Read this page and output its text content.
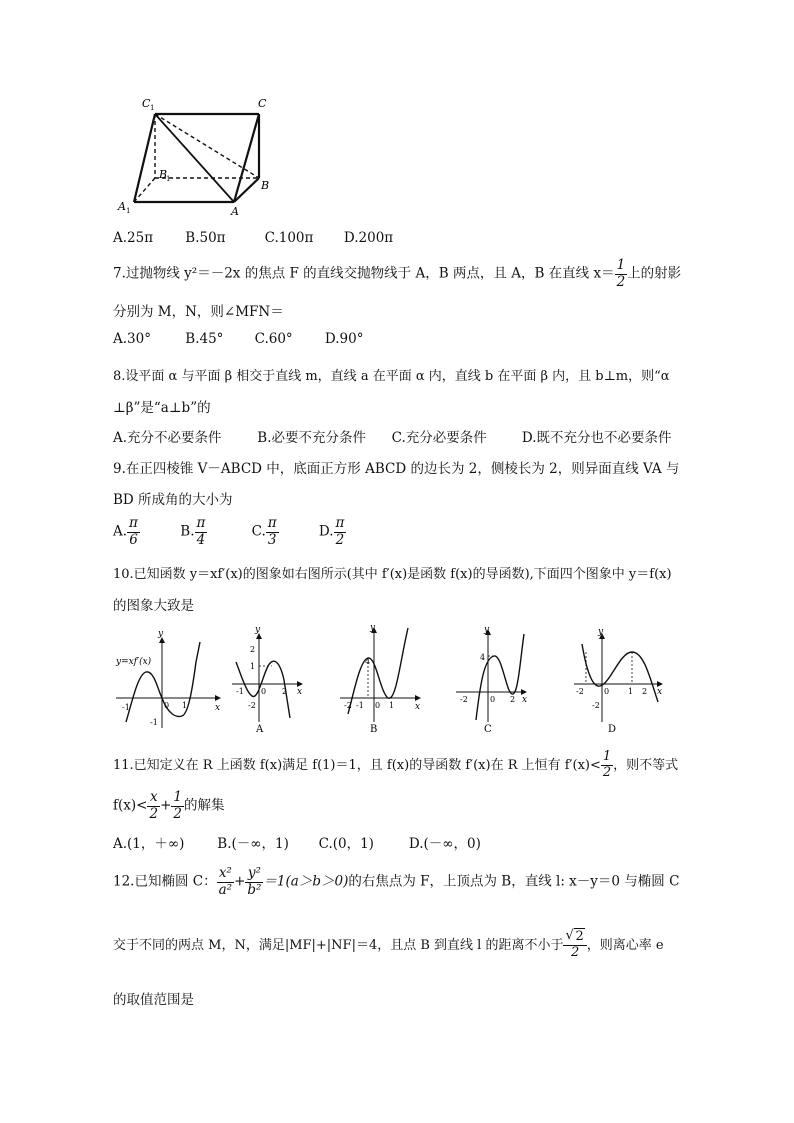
C 1	C
B
1	B
A 1	A
A.25π B.50π	C.100π D.200π
7.过抛物线 y²＝－2x 的焦点 F 的直线交抛物线于 A，B 两点，且 A，B 在直线 $x= \frac{1}{2}$ 上的射影
分别为 M，N，则∠MFN＝
A.30°	B.45° C.60° D.90°
8.设平面 α 与平面 β 相交于直线 m，直线 a 在平面 α 内，直线 b 在平面 β 内，且 b⊥m，则“α
⊥β”是“a⊥b”的
A.充分不必要条件	B.必要不充分条件 C.充分必要条件	D.既不充分也不必要条件
9.在正四棱锥 V－ABCD 中，底面正方形 ABCD 的边长为 2，侧棱长为 2，则异面直线 VA 与
BD 所成角的大小为
A. $\frac{\pi}{6}$	B. $\frac{\pi}{4}$	C. $\frac{\pi}{3}$	D. $\frac{\pi}{2}$
10.已知函数 y＝xf′(x)的图象如右图所示(其中 f′(x)是函数 f(x)的导函数),下面四个图象中 y＝f(x)
的图象大致是
y=xf′(x)
y
x
-1	0 1
-1
y
x
1
2
-1 0
2
-2
A
y
x
4
-2 -1 0 1
B
y
x
4
-2	0 2
C
y
x
-2	0 1 2
-2
D
11.已知定义在 R 上函数 f(x)满足 f(1)＝1，且 f(x)的导函数 f′(x)在 R 上恒有 $f'(x)< \frac{1}{2}$ ，则不等式
$f(x)< \frac{x}{2} + \frac{1}{2}$ 的解集
A.(1，＋∞) B.(－∞，1) C.(0，1)	D.(－∞，0)
12.已知椭圆 C： $\frac{\text{x²}}{\text{a²}} + \frac{\text{y²}}{\text{b²}} =1(a>b>0)$的右焦点为 F，上顶点为 B，直线 l: x－y＝0 与椭圆 C
交于不同的两点 M，N，满足|MF|+|NF|＝4，且点 B 到直线 l 的距离不小于 $\frac{√ 2}{2}$ ，则离心率 e
的取值范围是
